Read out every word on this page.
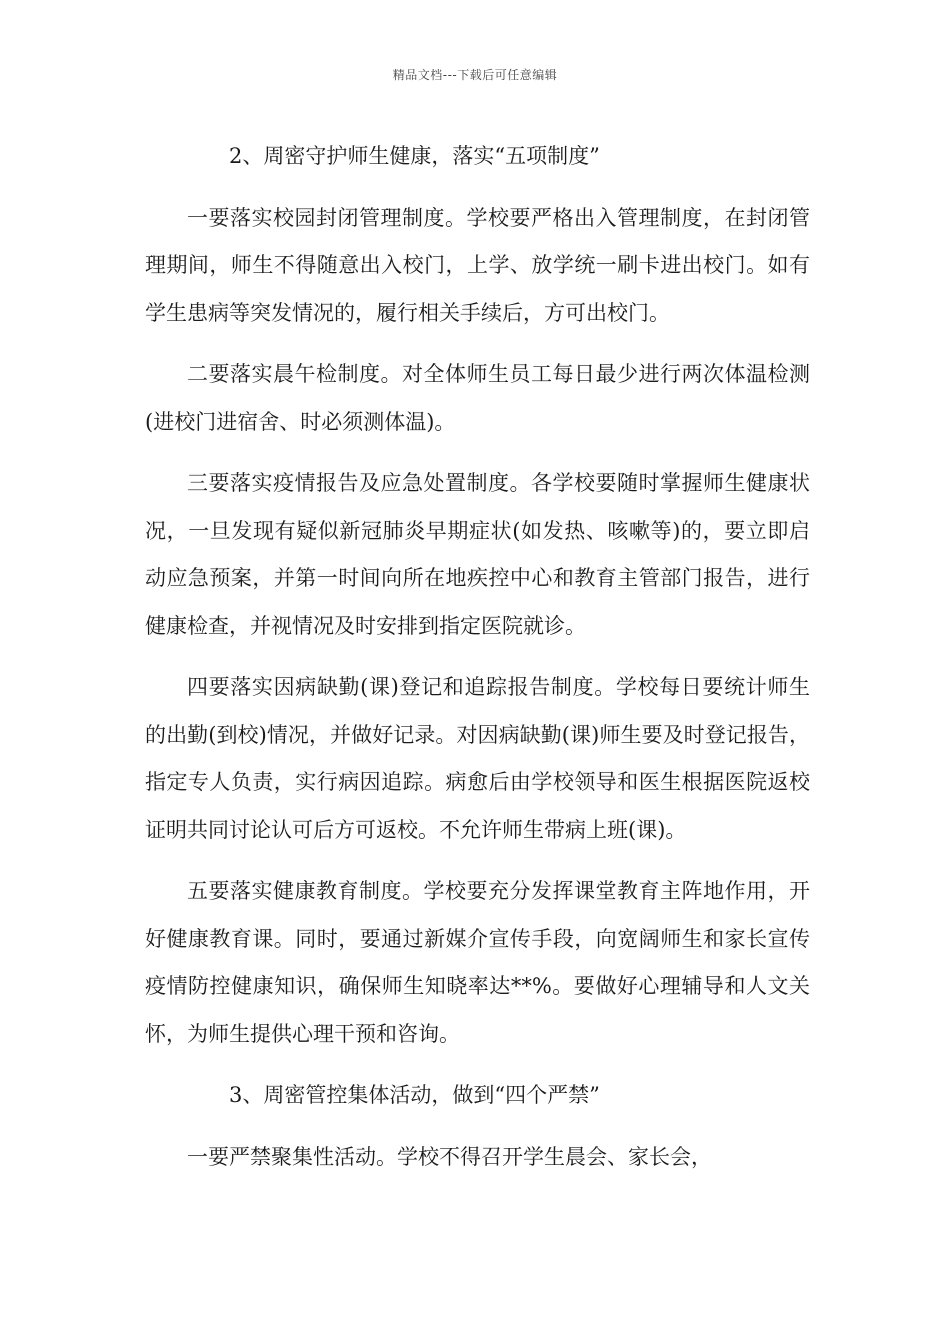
精品文档---下载后可任意编辑

2、周密守护师生健康，落实“五项制度”

一要落实校园封闭管理制度。学校要严格出入管理制度，在封闭管理期间，师生不得随意出入校门，上学、放学统一刷卡进出校门。如有学生患病等突发情况的，履行相关手续后，方可出校门。

二要落实晨午检制度。对全体师生员工每日最少进行两次体温检测(进校门进宿舍、时必须测体温)。

三要落实疫情报告及应急处置制度。各学校要随时掌握师生健康状况，一旦发现有疑似新冠肺炎早期症状(如发热、咳嗽等)的，要立即启动应急预案，并第一时间向所在地疾控中心和教育主管部门报告，进行健康检查，并视情况及时安排到指定医院就诊。

四要落实因病缺勤(课)登记和追踪报告制度。学校每日要统计师生的出勤(到校)情况，并做好记录。对因病缺勤(课)师生要及时登记报告，指定专人负责，实行病因追踪。病愈后由学校领导和医生根据医院返校证明共同讨论认可后方可返校。不允许师生带病上班(课)。

五要落实健康教育制度。学校要充分发挥课堂教育主阵地作用，开好健康教育课。同时，要通过新媒介宣传手段，向宽阔师生和家长宣传疫情防控健康知识，确保师生知晓率达**%。要做好心理辅导和人文关怀，为师生提供心理干预和咨询。

3、周密管控集体活动，做到“四个严禁”

一要严禁聚集性活动。学校不得召开学生晨会、家长会，
